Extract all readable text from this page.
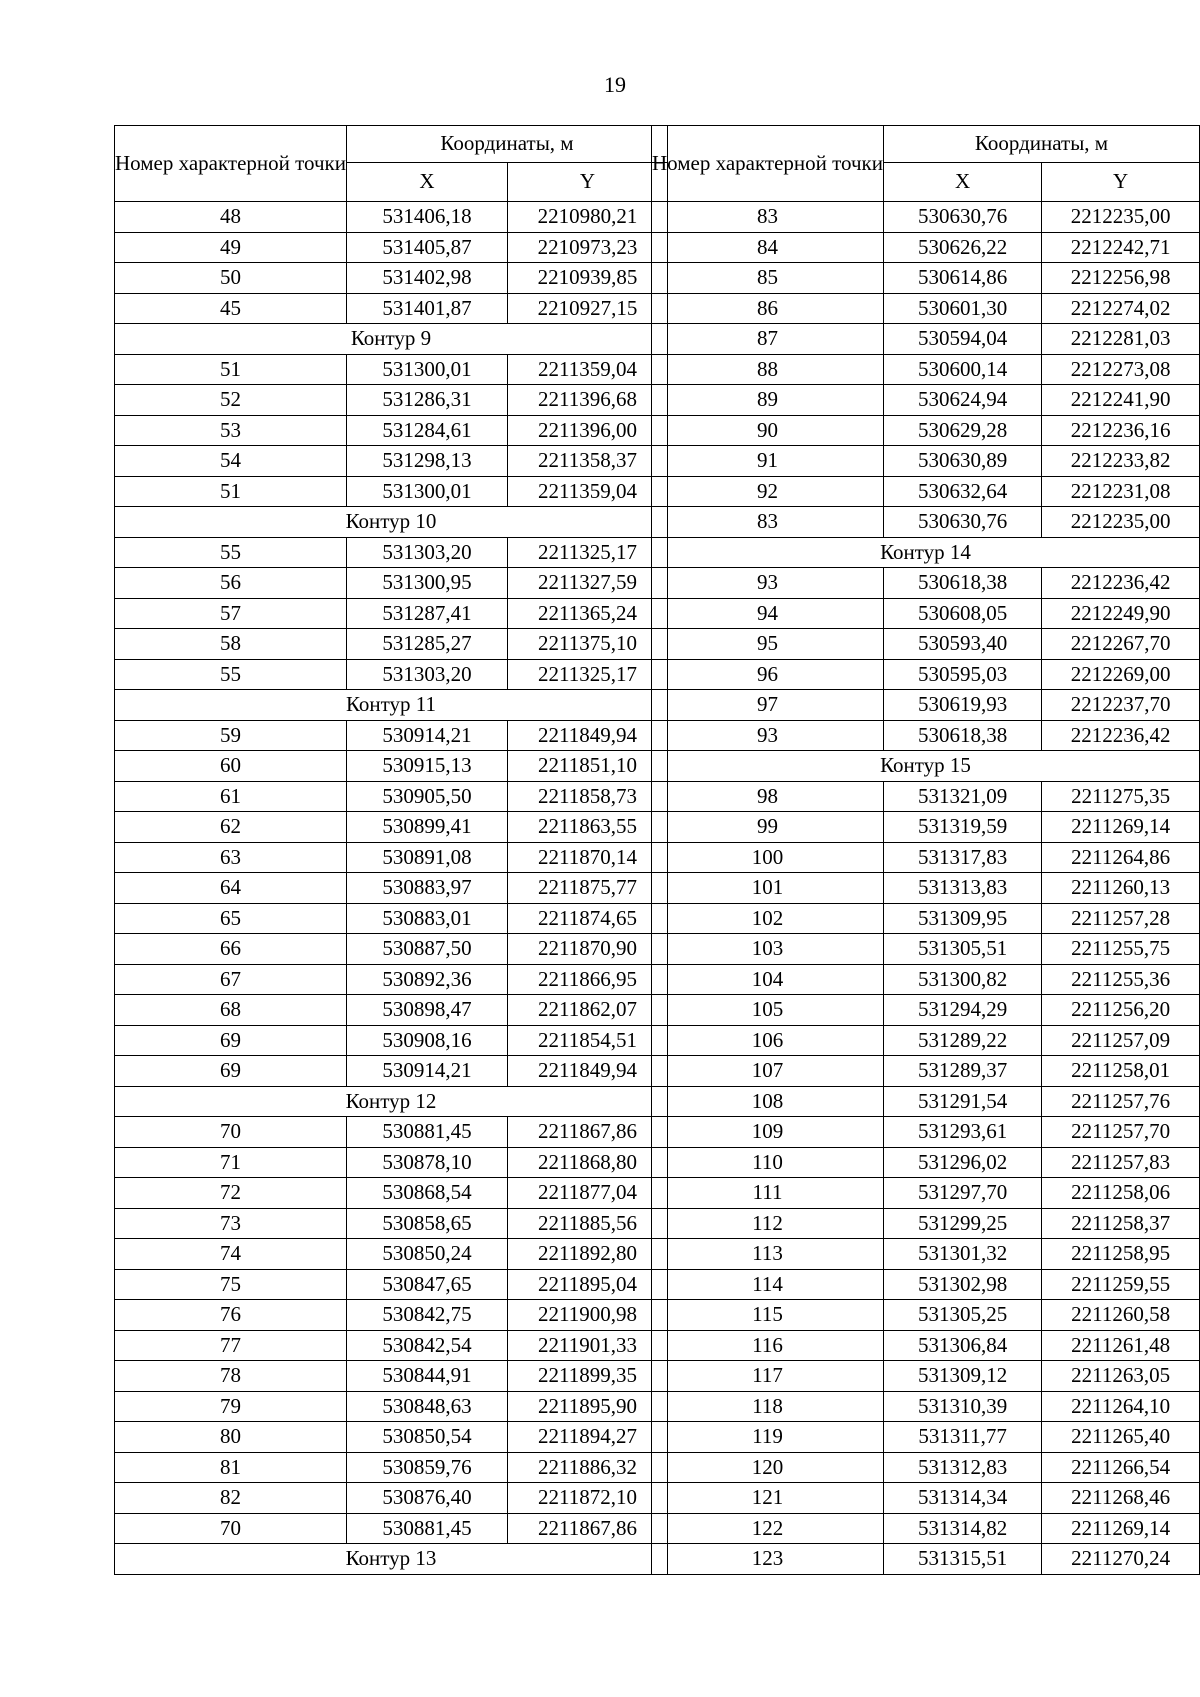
19
Номер характерной точки	Координаты, м	
	X	Y
48	531406,18	2210980,21
49	531405,87	2210973,23
50	531402,98	2210939,85
45	531401,87	2210927,15
Контур 9		
51	531300,01	2211359,04
52	531286,31	2211396,68
53	531284,61	2211396,00
54	531298,13	2211358,37
51	531300,01	2211359,04
Контур 10		
55	531303,20	2211325,17
56	531300,95	2211327,59
57	531287,41	2211365,24
58	531285,27	2211375,10
55	531303,20	2211325,17
Контур 11		
59	530914,21	2211849,94
60	530915,13	2211851,10
61	530905,50	2211858,73
62	530899,41	2211863,55
63	530891,08	2211870,14
64	530883,97	2211875,77
65	530883,01	2211874,65
66	530887,50	2211870,90
67	530892,36	2211866,95
68	530898,47	2211862,07
69	530908,16	2211854,51
69	530914,21	2211849,94
Контур 12		
70	530881,45	2211867,86
71	530878,10	2211868,80
72	530868,54	2211877,04
73	530858,65	2211885,56
74	530850,24	2211892,80
75	530847,65	2211895,04
76	530842,75	2211900,98
77	530842,54	2211901,33
78	530844,91	2211899,35
79	530848,63	2211895,90
80	530850,54	2211894,27
81	530859,76	2211886,32
82	530876,40	2211872,10
70	530881,45	2211867,86
Контур 13		
Номер характерной точки	Координаты, м	
	X	Y
83	530630,76	2212235,00
84	530626,22	2212242,71
85	530614,86	2212256,98
86	530601,30	2212274,02
87	530594,04	2212281,03
88	530600,14	2212273,08
89	530624,94	2212241,90
90	530629,28	2212236,16
91	530630,89	2212233,82
92	530632,64	2212231,08
83	530630,76	2212235,00
Контур 14		
93	530618,38	2212236,42
94	530608,05	2212249,90
95	530593,40	2212267,70
96	530595,03	2212269,00
97	530619,93	2212237,70
93	530618,38	2212236,42
Контур 15		
98	531321,09	2211275,35
99	531319,59	2211269,14
100	531317,83	2211264,86
101	531313,83	2211260,13
102	531309,95	2211257,28
103	531305,51	2211255,75
104	531300,82	2211255,36
105	531294,29	2211256,20
106	531289,22	2211257,09
107	531289,37	2211258,01
108	531291,54	2211257,76
109	531293,61	2211257,70
110	531296,02	2211257,83
111	531297,70	2211258,06
112	531299,25	2211258,37
113	531301,32	2211258,95
114	531302,98	2211259,55
115	531305,25	2211260,58
116	531306,84	2211261,48
117	531309,12	2211263,05
118	531310,39	2211264,10
119	531311,77	2211265,40
120	531312,83	2211266,54
121	531314,34	2211268,46
122	531314,82	2211269,14
123	531315,51	2211270,24
